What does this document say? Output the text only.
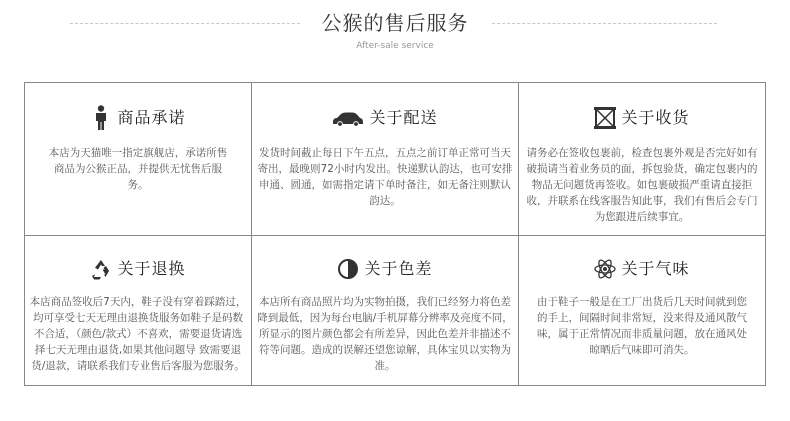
公猴的售后服务
After-sale service
商品承诺
本店为天猫唯一指定旗舰店，承诺所售商品为公猴正品，并提供无忧售后服务。
关于配送
发货时间截止每日下午五点，五点之前订单正常可当天寄出，最晚则72小时内发出。快递默认韵达，也可安排申通、圆通，如需指定请下单时备注，如无备注则默认韵达。
关于收货
请务必在签收包裹前，检查包裹外观是否完好如有破损请当着业务员的面，拆包验货，确定包裹内的物品无问题货再签收。如包裹破损严重请直接拒收，并联系在线客服告知此事，我们有售后会专门为您跟进后续事宜。
关于退换
本店商品签收后7天内，鞋子没有穿着踩踏过，均可享受七天无理由退换货服务如鞋子是码数不合适，（颜色/款式）不喜欢，需要退货请选择七天无理由退货,如果其他问题导 致需要退货/退款，请联系我们专业售后客服为您服务。
关于色差
本店所有商品照片均为实物拍摄，我们已经努力将色差降到最低，因为每台电脑/手机屏幕分辨率及亮度不同，所显示的图片颜色都会有所差异，因此色差并非描述不符等问题。造成的误解还望您谅解，具体宝贝以实物为准。
关于气味
由于鞋子一般是在工厂出货后几天时间就到您的手上，间隔时间非常短，没来得及通风散气味，属于正常情况而非质量问题，放在通风处晾晒后气味即可消失。
